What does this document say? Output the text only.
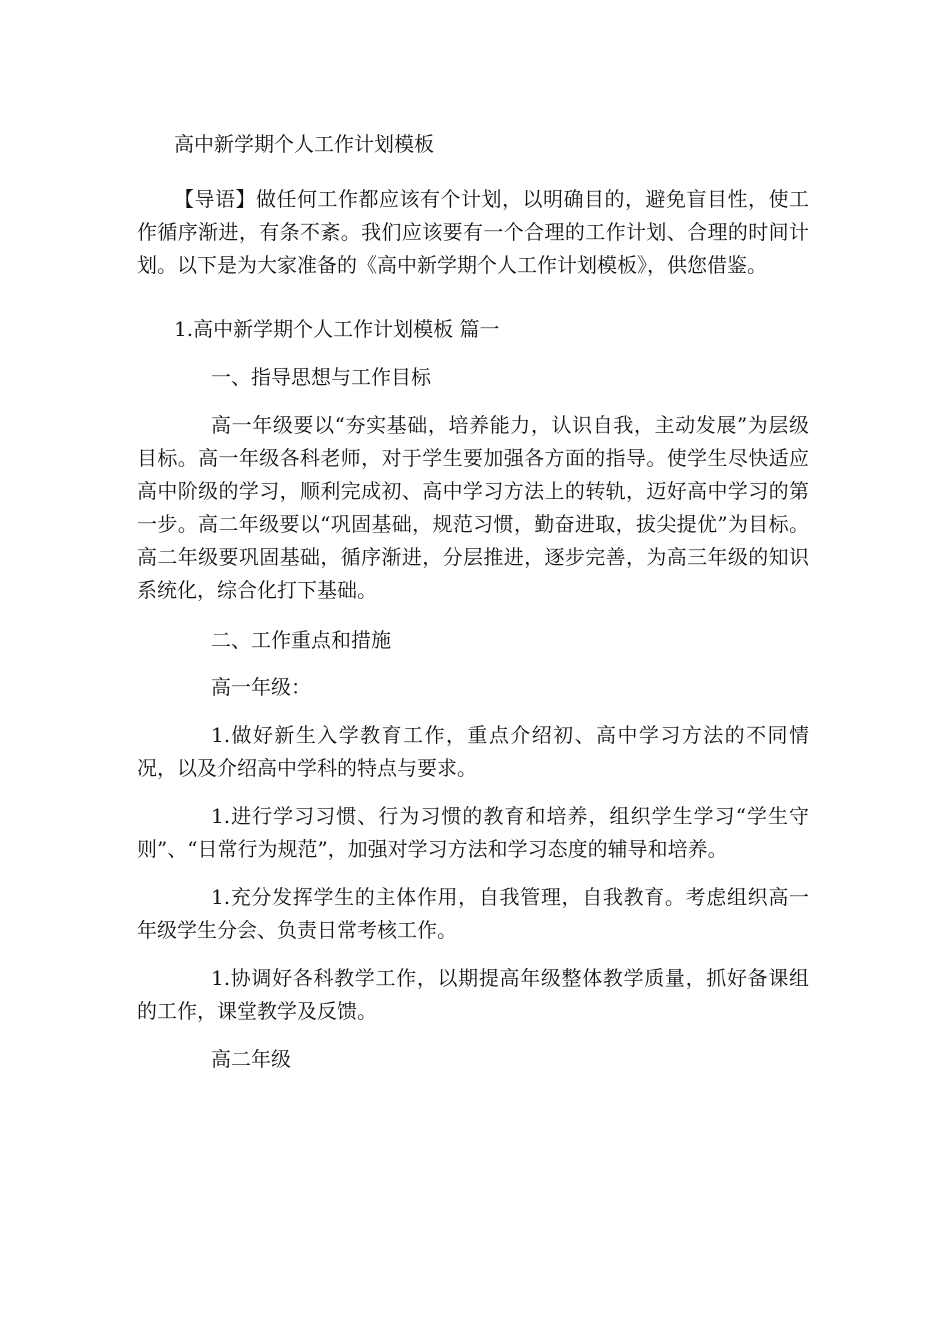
高中新学期个人工作计划模板

【导语】做任何工作都应该有个计划，以明确目的，避免盲目性，使工作循序渐进，有条不紊。我们应该要有一个合理的工作计划、合理的时间计划。以下是为大家准备的《高中新学期个人工作计划模板》，供您借鉴。

1.高中新学期个人工作计划模板 篇一

一、指导思想与工作目标

高一年级要以“夯实基础，培养能力，认识自我，主动发展”为层级目标。高一年级各科老师，对于学生要加强各方面的指导。使学生尽快适应高中阶级的学习，顺利完成初、高中学习方法上的转轨，迈好高中学习的第一步。高二年级要以“巩固基础，规范习惯，勤奋进取，拔尖提优”为目标。高二年级要巩固基础，循序渐进，分层推进，逐步完善，为高三年级的知识系统化，综合化打下基础。

二、工作重点和措施

高一年级：

1.做好新生入学教育工作，重点介绍初、高中学习方法的不同情况，以及介绍高中学科的特点与要求。

1.进行学习习惯、行为习惯的教育和培养，组织学生学习“学生守则”、“日常行为规范”，加强对学习方法和学习态度的辅导和培养。

1.充分发挥学生的主体作用，自我管理，自我教育。考虑组织高一年级学生分会、负责日常考核工作。

1.协调好各科教学工作，以期提高年级整体教学质量，抓好备课组的工作，课堂教学及反馈。

高二年级
